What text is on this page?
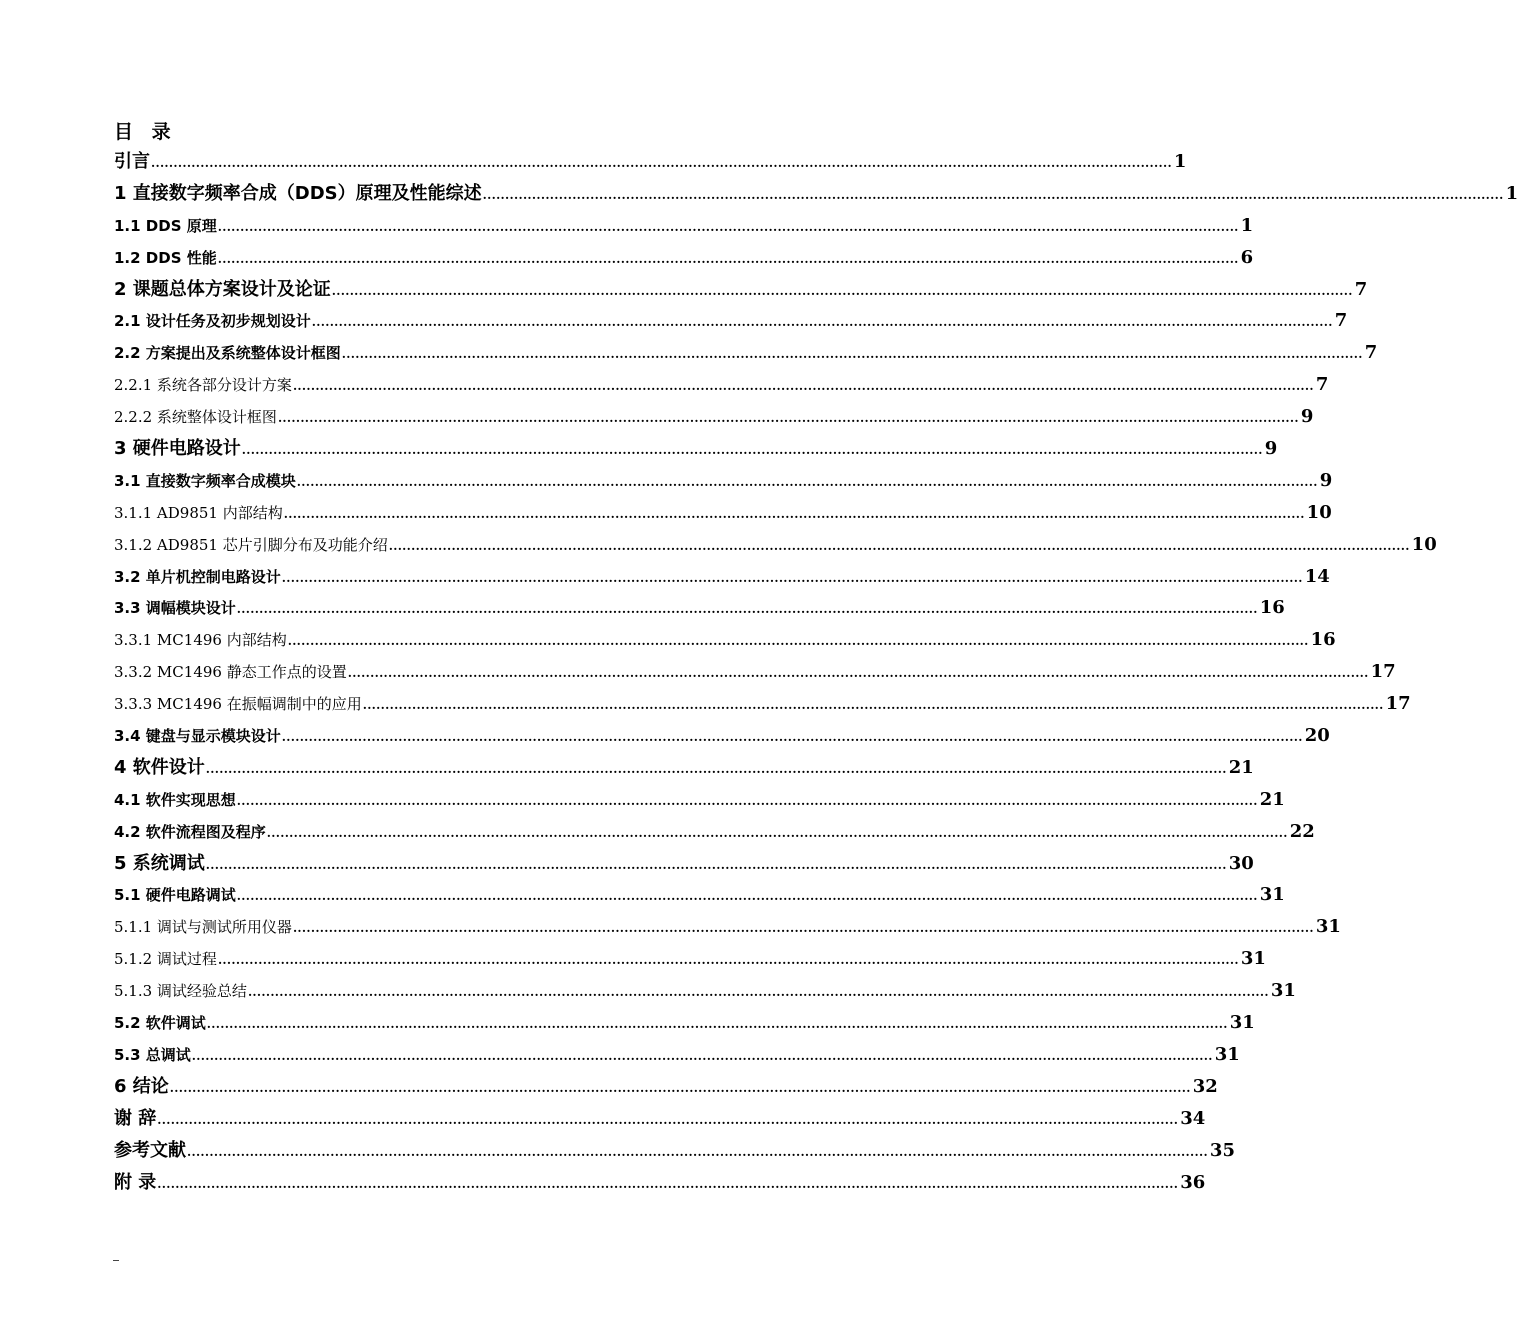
目 录
引言 .................................................................................................................................................................................................................................... 1
1 直接数字频率合成（DDS）原理及性能综述 .................................................................................................................................................................................................................................... 1
1.1 DDS 原理 .................................................................................................................................................................................................................................... 1
1.2 DDS 性能 .................................................................................................................................................................................................................................... 6
2 课题总体方案设计及论证 .................................................................................................................................................................................................................................... 7
2.1 设计任务及初步规划设计 .................................................................................................................................................................................................................................... 7
2.2 方案提出及系统整体设计框图 .................................................................................................................................................................................................................................... 7
2.2.1 系统各部分设计方案 .................................................................................................................................................................................................................................... 7
2.2.2 系统整体设计框图 .................................................................................................................................................................................................................................... 9
3 硬件电路设计 .................................................................................................................................................................................................................................... 9
3.1 直接数字频率合成模块 .................................................................................................................................................................................................................................... 9
3.1.1 AD9851 内部结构 .................................................................................................................................................................................................................................... 10
3.1.2 AD9851 芯片引脚分布及功能介绍 .................................................................................................................................................................................................................................... 10
3.2 单片机控制电路设计 .................................................................................................................................................................................................................................... 14
3.3 调幅模块设计 .................................................................................................................................................................................................................................... 16
3.3.1 MC1496 内部结构 .................................................................................................................................................................................................................................... 16
3.3.2 MC1496 静态工作点的设置 .................................................................................................................................................................................................................................... 17
3.3.3 MC1496 在振幅调制中的应用 .................................................................................................................................................................................................................................... 17
3.4 键盘与显示模块设计 .................................................................................................................................................................................................................................... 20
4 软件设计 .................................................................................................................................................................................................................................... 21
4.1 软件实现思想 .................................................................................................................................................................................................................................... 21
4.2 软件流程图及程序 .................................................................................................................................................................................................................................... 22
5 系统调试 .................................................................................................................................................................................................................................... 30
5.1 硬件电路调试 .................................................................................................................................................................................................................................... 31
5.1.1 调试与测试所用仪器 .................................................................................................................................................................................................................................... 31
5.1.2 调试过程 .................................................................................................................................................................................................................................... 31
5.1.3 调试经验总结 .................................................................................................................................................................................................................................... 31
5.2 软件调试 .................................................................................................................................................................................................................................... 31
5.3 总调试 .................................................................................................................................................................................................................................... 31
6 结论 .................................................................................................................................................................................................................................... 32
谢 辞 .................................................................................................................................................................................................................................... 34
参考文献 .................................................................................................................................................................................................................................... 35
附 录 .................................................................................................................................................................................................................................... 36
